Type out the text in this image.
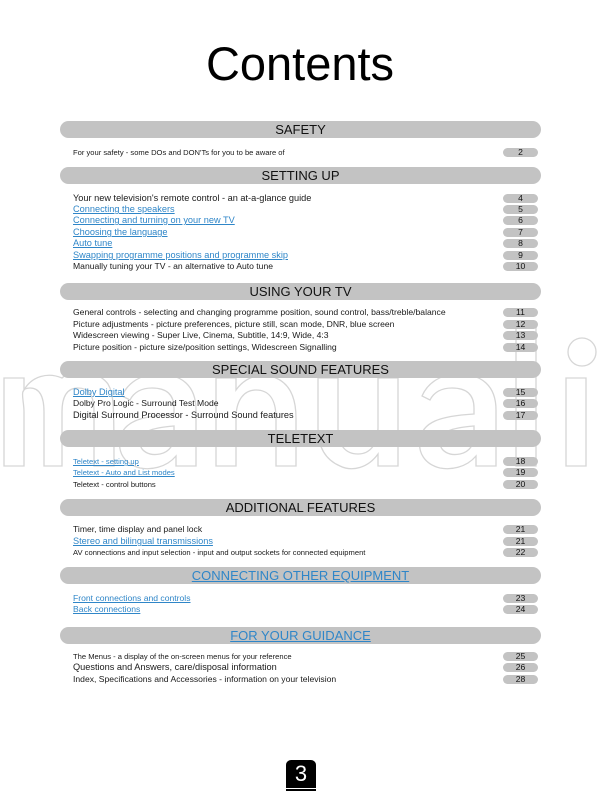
Contents
SAFETY
For your safety - some DOs and DON'Ts for you to be aware of	2
SETTING UP
Your new television's remote control - an at-a-glance guide	4
Connecting the speakers	5
Connecting and turning on your new TV	6
Choosing the language	7
Auto tune	8
Swapping programme positions and programme skip	9
Manually tuning your TV - an alternative to Auto tune	10
USING YOUR TV
General controls - selecting and changing programme position, sound control, bass/treble/balance	11
Picture adjustments - picture preferences, picture still, scan mode, DNR, blue screen	12
Widescreen viewing - Super Live, Cinema, Subtitle, 14:9, Wide, 4:3	13
Picture position - picture size/position settings, Widescreen Signalling	14
SPECIAL SOUND FEATURES
Dolby Digital	15
Dolby Pro Logic - Surround Test Mode	16
Digital Surround Processor - Surround Sound features	17
TELETEXT
Teletext - setting up	18
Teletext - Auto and List modes	19
Teletext - control buttons	20
ADDITIONAL FEATURES
Timer, time display and panel lock	21
Stereo and bilingual transmissions	21
AV connections and input selection - input and output sockets for connected equipment	22
CONNECTING OTHER EQUIPMENT
Front connections and controls	23
Back connections	24
FOR YOUR GUIDANCE
The Menus - a display of the on-screen menus for your reference	25
Questions and Answers, care/disposal information	26
Index, Specifications and Accessories - information on your television	28
3
